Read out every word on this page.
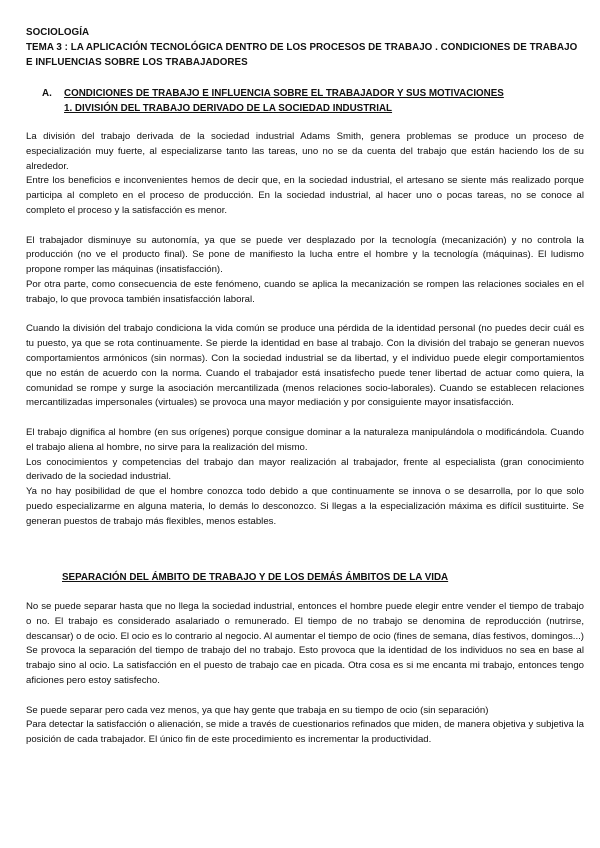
SOCIOLOGÍA
TEMA 3 : LA APLICACIÓN TECNOLÓGICA DENTRO DE LOS PROCESOS DE TRABAJO . CONDICIONES DE TRABAJO E INFLUENCIAS SOBRE LOS TRABAJADORES
A. CONDICIONES DE TRABAJO E INFLUENCIA SOBRE EL TRABAJADOR Y SUS MOTIVACIONES
1. DIVISIÓN DEL TRABAJO DERIVADO DE LA SOCIEDAD INDUSTRIAL

La división del trabajo derivada de la sociedad industrial Adams Smith, genera problemas se produce un proceso de especialización muy fuerte, al especializarse tanto las tareas, uno no se da cuenta del trabajo que están haciendo los de su alrededor.

Entre los beneficios e inconvenientes hemos de decir que, en la sociedad industrial, el artesano se siente más realizado porque participa al completo en el proceso de producción. En la sociedad industrial, al hacer uno o pocas tareas, no se conoce al completo el proceso y la satisfacción es menor.

El trabajador disminuye su autonomía, ya que se puede ver desplazado por la tecnología (mecanización) y no controla la producción (no ve el producto final). Se pone de manifiesto la lucha entre el hombre y la tecnología (máquinas). El ludismo propone romper las máquinas (insatisfacción).

Por otra parte, como consecuencia de este fenómeno, cuando se aplica la mecanización se rompen las relaciones sociales en el trabajo, lo que provoca también insatisfacción laboral.

Cuando la división del trabajo condiciona la vida común se produce una pérdida de la identidad personal (no puedes decir cuál es tu puesto, ya que se rota continuamente. Se pierde la identidad en base al trabajo. Con la división del trabajo se generan nuevos comportamientos armónicos (sin normas). Con la sociedad industrial se da libertad, y el individuo puede elegir comportamientos que no están de acuerdo con la norma. Cuando el trabajador está insatisfecho puede tener libertad de actuar como quiera, la comunidad se rompe y surge la asociación mercantilizada (menos relaciones socio-laborales). Cuando se establecen relaciones mercantilizadas impersonales (virtuales) se provoca una mayor mediación y por consiguiente mayor insatisfacción.

El trabajo dignifica al hombre (en sus orígenes) porque consigue dominar a la naturaleza manipulándola o modificándola. Cuando el trabajo aliena al hombre, no sirve para la realización del mismo.

Los conocimientos y competencias del trabajo dan mayor realización al trabajador, frente al especialista (gran conocimiento derivado de la sociedad industrial.

Ya no hay posibilidad de que el hombre conozca todo debido a que continuamente se innova o se desarrolla, por lo que solo puedo especializarme en alguna materia, lo demás lo desconozco. Si llegas a la especialización máxima es difícil sustituirte. Se generan puestos de trabajo más flexibles, menos estables.

SEPARACIÓN DEL ÁMBITO DE TRABAJO Y DE LOS DEMÁS ÁMBITOS DE LA VIDA

No se puede separar hasta que no llega la sociedad industrial, entonces el hombre puede elegir entre vender el tiempo de trabajo o no. El trabajo es considerado asalariado o remunerado. El tiempo de no trabajo se denomina de reproducción (nutrirse, descansar) o de ocio. El ocio es lo contrario al negocio. Al aumentar el tiempo de ocio (fines de semana, días festivos, domingos...) Se provoca la separación del tiempo de trabajo del no trabajo. Esto provoca que la identidad de los individuos no sea en base al trabajo sino al ocio. La satisfacción en el puesto de trabajo cae en picada. Otra cosa es si me encanta mi trabajo, entonces tengo aficiones pero estoy satisfecho.

Se puede separar pero cada vez menos, ya que hay gente que trabaja en su tiempo de ocio (sin separación)

Para detectar la satisfacción o alienación, se mide a través de cuestionarios refinados que miden, de manera objetiva y subjetiva la posición de cada trabajador. El único fin de este procedimiento es incrementar la productividad.
